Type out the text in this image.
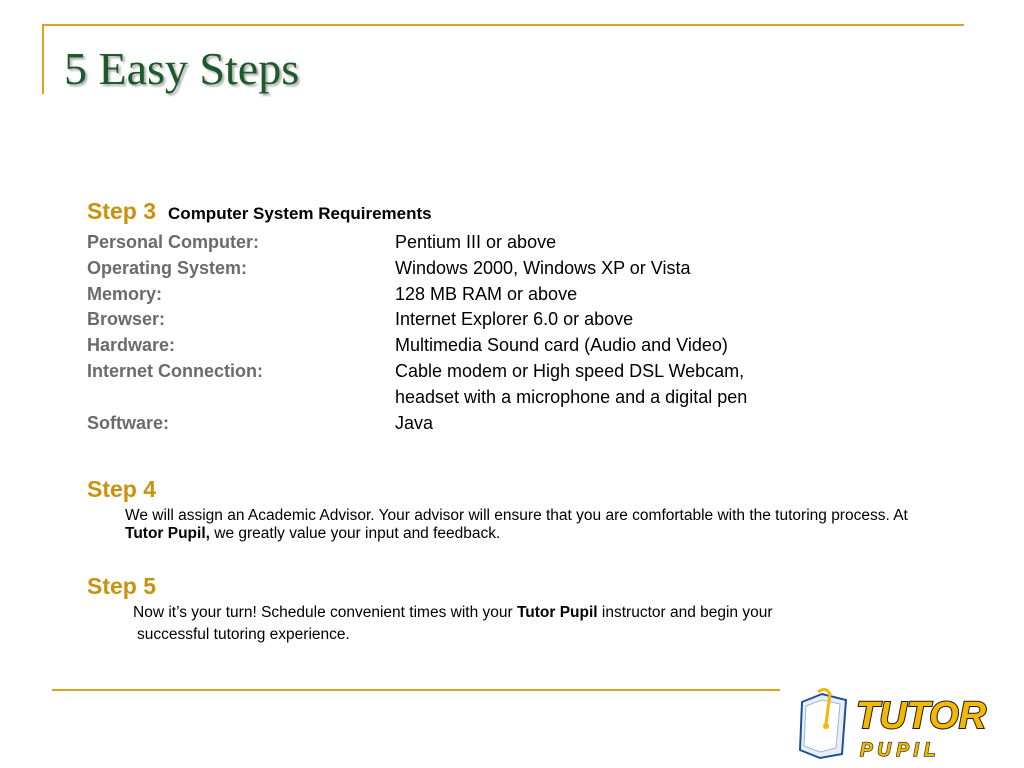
5 Easy Steps
Step 3 Computer System Requirements
Personal Computer:	Pentium III or above
Operating System:	Windows 2000, Windows XP or Vista
Memory:	128 MB RAM or above
Browser:	Internet Explorer 6.0 or above
Hardware:	Multimedia Sound card (Audio and Video)
Internet Connection:	Cable modem or High speed DSL Webcam,
headset with a microphone and a digital pen
Software:	Java
Step 4
We will assign an Academic Advisor. Your advisor will ensure that you are comfortable with the tutoring process. At Tutor Pupil, we greatly value your input and feedback.
Step 5
Now it’s your turn! Schedule convenient times with your Tutor Pupil instructor and begin your
successful tutoring experience.
TUTOR
P U P I L
